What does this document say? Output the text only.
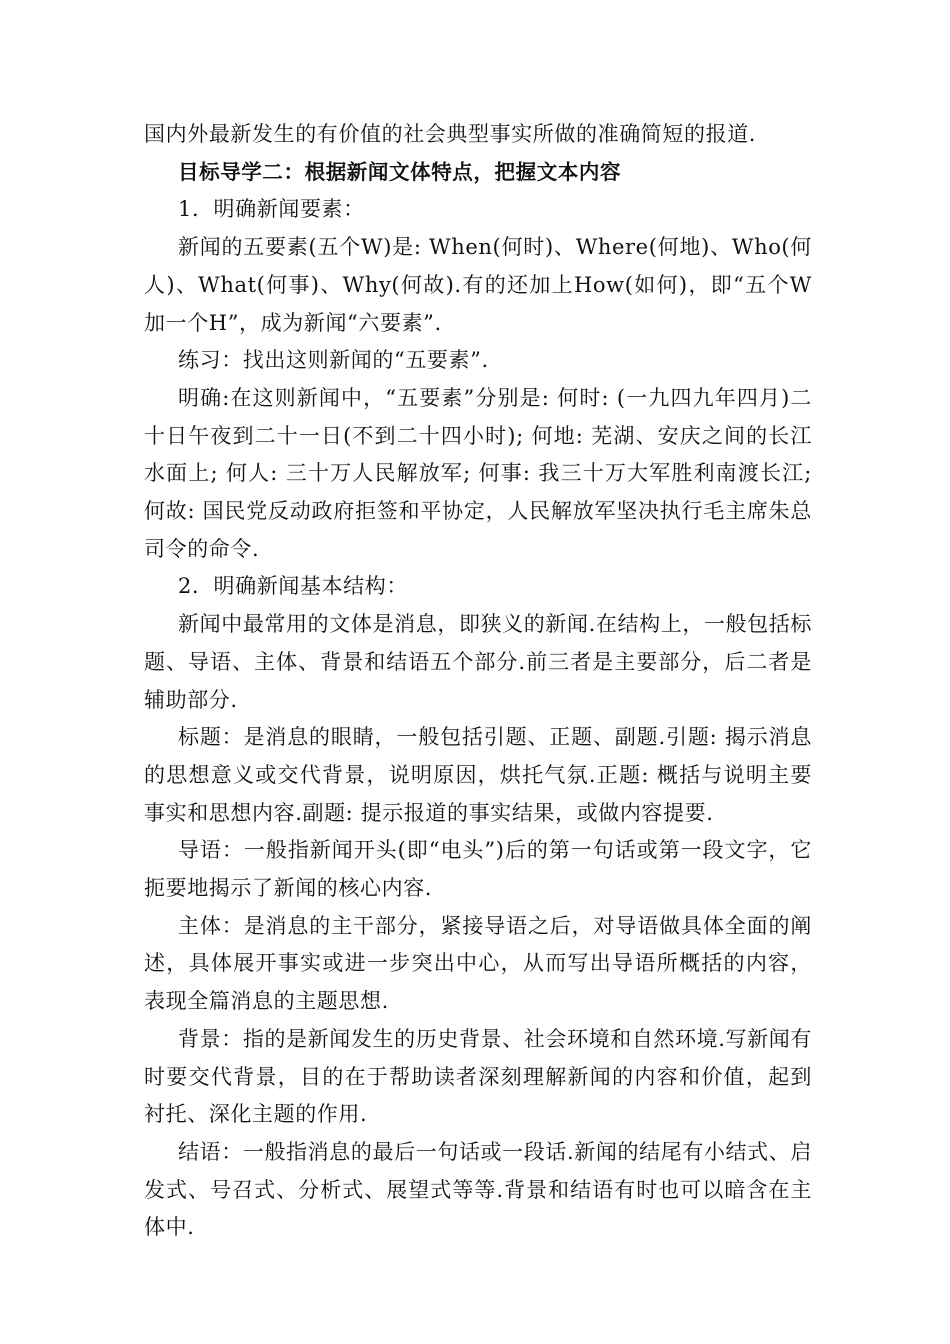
国内外最新发生的有价值的社会典型事实所做的准确简短的报道.

目标导学二：根据新闻文体特点，把握文本内容

1．明确新闻要素：

新闻的五要素(五个W)是: When(何时)、Where(何地)、Who(何人)、What(何事)、Why(何故).有的还加上How(如何)，即“五个W加一个H”，成为新闻“六要素”.

练习：找出这则新闻的“五要素”.

明确:在这则新闻中，“五要素”分别是: 何时: (一九四九年四月)二十日午夜到二十一日(不到二十四小时); 何地: 芜湖、安庆之间的长江水面上; 何人: 三十万人民解放军; 何事: 我三十万大军胜利南渡长江; 何故: 国民党反动政府拒签和平协定，人民解放军坚决执行毛主席朱总司令的命令.

2．明确新闻基本结构：

新闻中最常用的文体是消息，即狭义的新闻.在结构上，一般包括标题、导语、主体、背景和结语五个部分.前三者是主要部分，后二者是辅助部分.

标题：是消息的眼睛，一般包括引题、正题、副题.引题: 揭示消息的思想意义或交代背景，说明原因，烘托气氛.正题: 概括与说明主要事实和思想内容.副题: 提示报道的事实结果，或做内容提要.

导语：一般指新闻开头(即“电头”)后的第一句话或第一段文字，它扼要地揭示了新闻的核心内容.

主体：是消息的主干部分，紧接导语之后，对导语做具体全面的阐述，具体展开事实或进一步突出中心，从而写出导语所概括的内容，表现全篇消息的主题思想.

背景：指的是新闻发生的历史背景、社会环境和自然环境.写新闻有时要交代背景，目的在于帮助读者深刻理解新闻的内容和价值，起到衬托、深化主题的作用.

结语：一般指消息的最后一句话或一段话.新闻的结尾有小结式、启发式、号召式、分析式、展望式等等.背景和结语有时也可以暗含在主体中.
